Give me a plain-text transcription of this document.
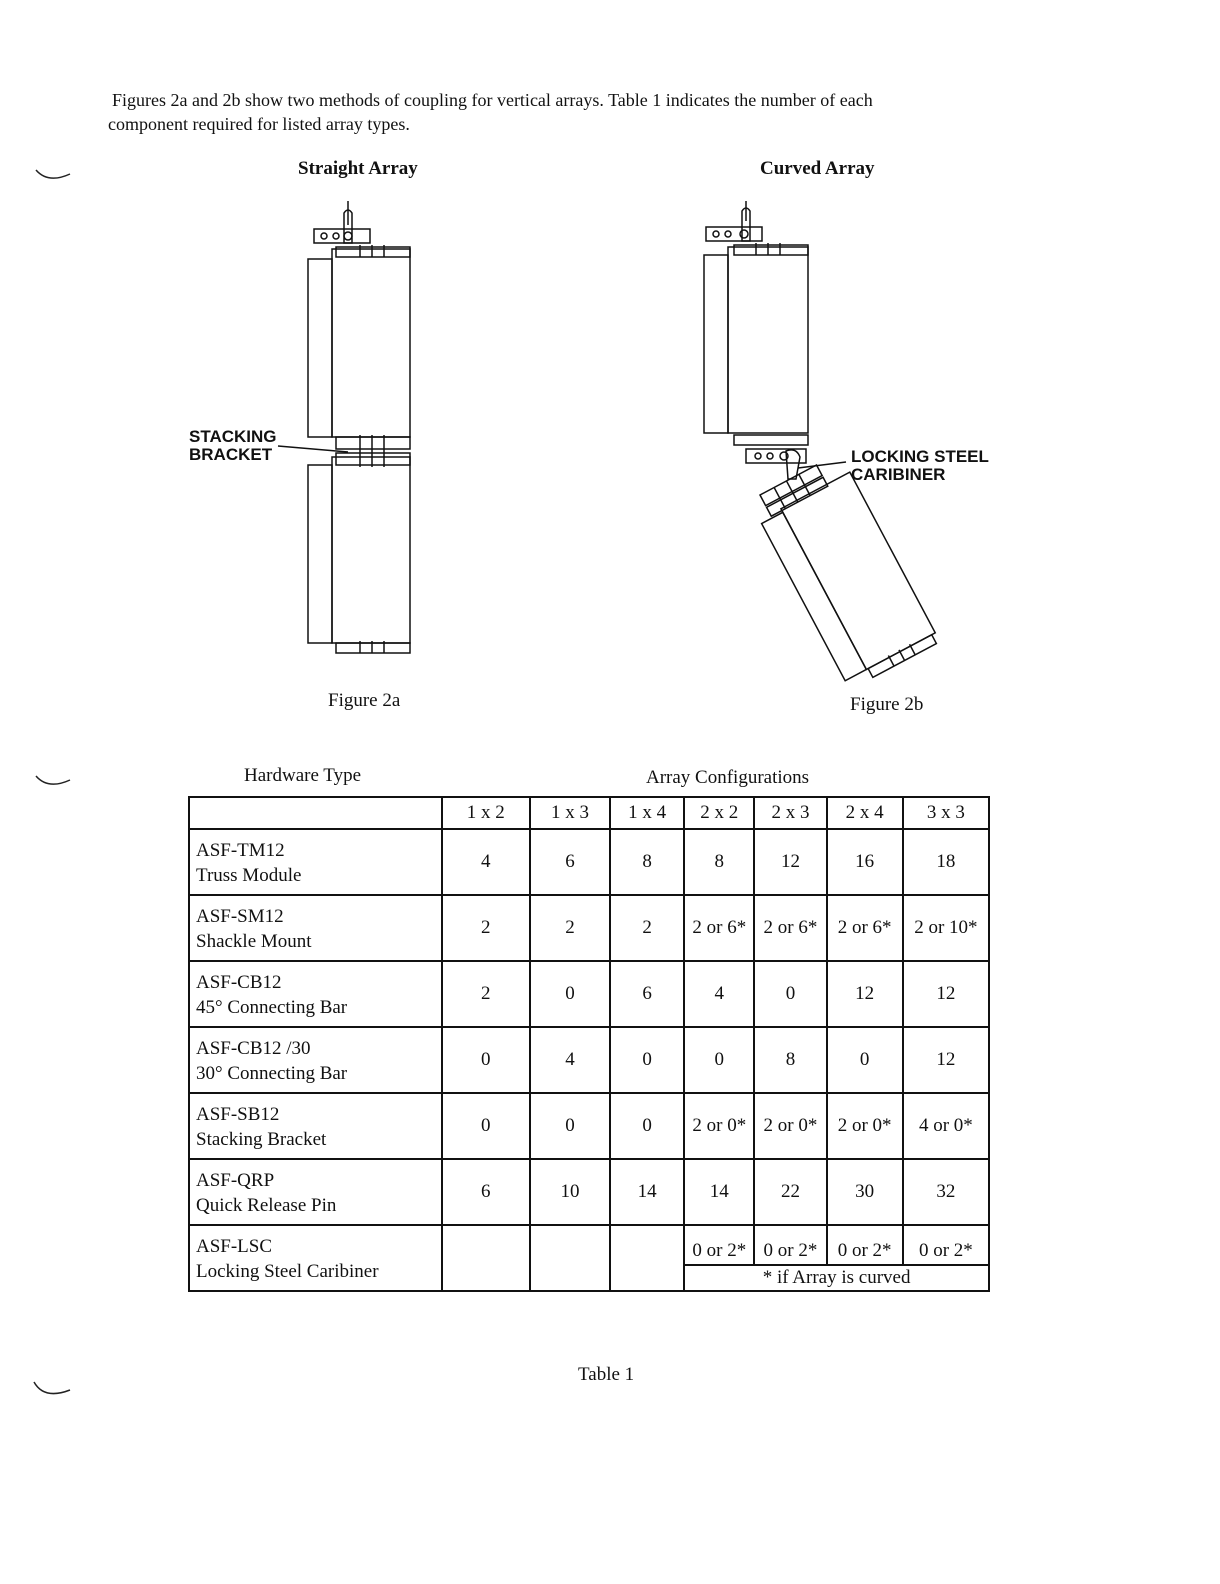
Figures 2a and 2b show two methods of coupling for vertical arrays. Table 1 indicates the number of each
component required for listed array types.
Straight Array
STACKING
BRACKET
Figure 2a
Curved Array
LOCKING STEEL
CARIBINER
Figure 2b
Hardware Type	Array Configurations
	1 x 2	1 x 3	1 x 4	2 x 2	2 x 3	2 x 4	3 x 3

ASF-TM12
Truss Module	4	6	8	8	12	16	18

ASF-SM12
Shackle Mount	2	2	2	2 or 6*	2 or 6*	2 or 6*	2 or 10*

ASF-CB12
45° Connecting Bar	2	0	6	4	0	12	12

ASF-CB12 /30
30° Connecting Bar	0	4	0	0	8	0	12

ASF-SB12
Stacking Bracket	0	0	0	2 or 0*	2 or 0*	2 or 0*	4 or 0*

ASF-QRP
Quick Release Pin	6	10	14	14	22	30	32

ASF-LSC
Locking Steel Caribiner				0 or 2*	0 or 2*	0 or 2*	0 or 2*
				* if Array is curved			
Table 1
